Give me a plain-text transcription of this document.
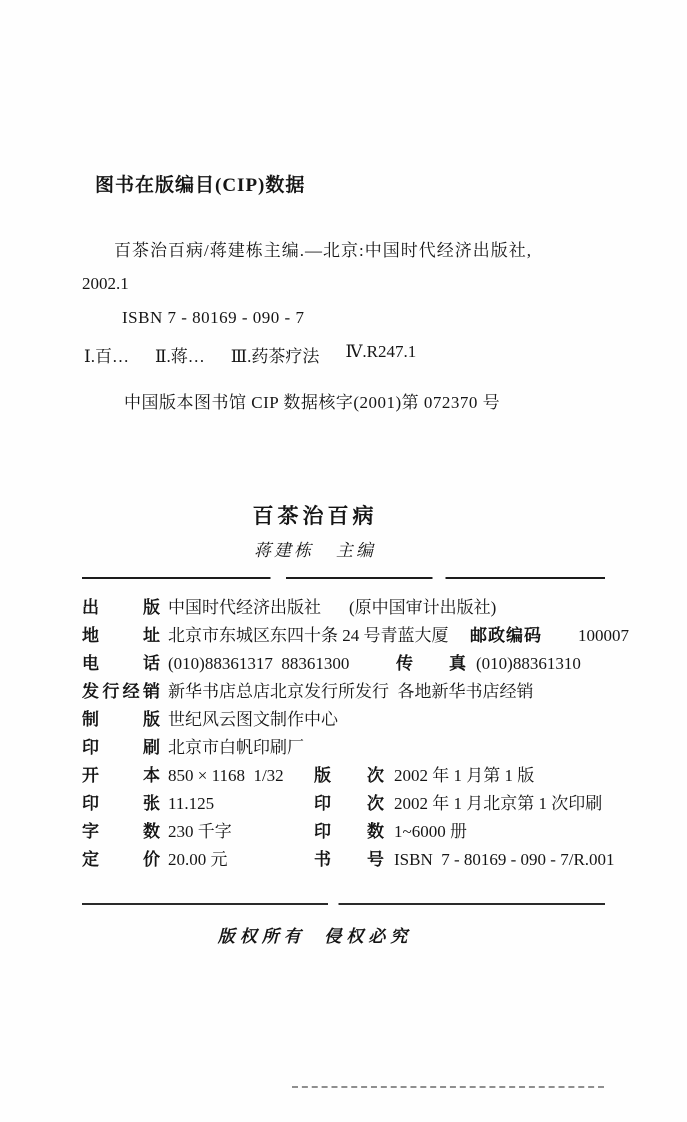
图书在版编目(CIP)数据
百茶治百病/蒋建栋主编.—北京:中国时代经济出版社,
2002.1
ISBN 7 - 80169 - 090 - 7
Ⅰ.百… Ⅱ.蒋… Ⅲ.药茶疗法 Ⅳ.R247.1
中国版本图书馆 CIP 数据核字(2001)第 072370 号
百茶治百病
蒋建栋 主编
出版 中国时代经济出版社 (原中国审计出版社)
地址 北京市东城区东四十条 24 号青蓝大厦	邮政编码 100007
电话 (010)88361317  88361300	传真 (010)88361310
发行经销 新华书店总店北京发行所发行  各地新华书店经销
制版 世纪风云图文制作中心
印刷 北京市白帆印刷厂
开本 850 × 1168  1/32	版次 2002 年 1 月第 1 版
印张 11.125	印次 2002 年 1 月北京第 1 次印刷
字数 230 千字	印数 1~6000 册
定价 20.00 元	书号 ISBN  7 - 80169 - 090 - 7/R.001
版权所有  侵权必究
